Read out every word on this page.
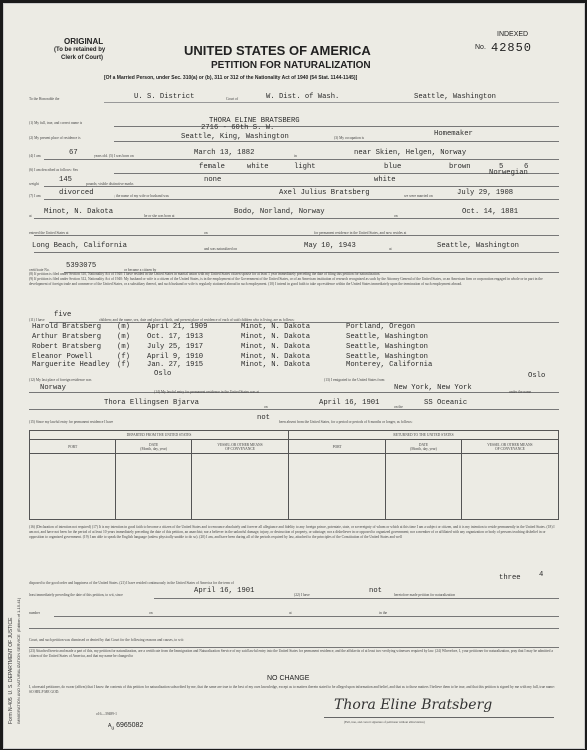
ORIGINAL
(To be retained by
Clerk of Court)	UNITED STATES OF AMERICA
PETITION FOR NATURALIZATION
[Of a Married Person, under Sec. 310(a) or (b), 311 or 312 of the Nationality Act of 1940 (54 Stat. 1144-1145)]
INDEXED
No. 42850
To the Honorable the	U. S. District	Court of	W. Dist. of Wash.	Seattle, Washington
(1) My full, true, and correct name is	THORA ELINE BRATSBERG
(2) My present place of residence is
2716 - 60th S. W.
Seattle, King, Washington	(3) My occupation is	Homemaker
(4) I am	67	years old. (5) I was born on	March 13, 1882	in	near Skien, Helgen, Norway
(6) I am described as follows: Sex	female	white	light	blue	brown	5	6
weight	145	pounds; visible distinctive marks	none	white
Norwegian
(7) I am	divorced	; the name of my wife or husband was	Axel Julius Bratsberg	we were married on	July 29, 1908
at Minot, N. Dakota	he or she was born at	Bodo, Norland, Norway	on	Oct. 14, 1881
entered the United States at	on	for permanent residence in the United States, and now resides at
Long Beach, California	and was naturalized on	May 10, 1943	at	Seattle, Washington
certificate No. 5393075	or became a citizen by
(8) If petition is filed under Section 310, Nationality Act of 1940: I have resided in the United States in marital union with my United States citizen spouse for at least 1 year immediately preceding the date of filing this petition for naturalization.
(9) If petition is filed under Section 312, Nationality Act of 1940: My husband or wife is a citizen of the United States, is in the employment of the Government of the United States, or of an American institution of research recognized as such by the Attorney General of the United States, or an American firm or corporation engaged in whole or in part in the development of foreign trade and commerce of the United States, or a subsidiary thereof, and such husband or wife is regularly stationed abroad in such employment. (10) I intend in good faith to take up residence within the United States immediately upon the termination of such employment abroad.
(11) I have
five
children; and the name, sex, date and place of birth, and present place of residence of each of said children who is living, are as follows:
Harold Bratsberg (m) April 21, 1909	Minot, N. Dakota	Portland, Oregon
Arthur Bratsberg (m) Oct. 17, 1913	Minot, N. Dakota	Seattle, Washington
Robert Bratsberg (m) July 25, 1917	Minot, N. Dakota	Seattle, Washington
Eleanor Powell	(f) April 9, 1910	Minot, N. Dakota	Seattle, Washington
Marguerite Headley (f) Jan. 27, 1915	Minot, N. Dakota	Monterey, California
(12) My last place of foreign residence was
Oslo
(13) I emigrated to the United States from	Oslo
Norway	(14) My lawful entry for permanent residence in the United States was at	New York, New York	under the name
Thora Ellingsen Bjarva	on	April 16, 1901	on the	SS Oceanic
(15) Since my lawful entry for permanent residence I have	not	been absent from the United States, for a period or periods of 6 months or longer, as follows:
DEPARTED FROM THE UNITED STATES			RETURNED TO THE UNITED STATES		
PORT	DATE
(Month, day, year)	VESSEL OR OTHER MEANS
OF CONVEYANCE	PORT	DATE
(Month, day, year)	VESSEL OR OTHER MEANS
OF CONVEYANCE

(16) (Declaration of intention not required) (17) It is my intention in good faith to become a citizen of the United States and to renounce absolutely and forever all allegiance and fidelity to any foreign prince, potentate, state, or sovereignty of whom or which at this time I am a subject or citizen, and it is my intention to reside permanently in the United States. (18) I am not, and have not been for the period of at least 10 years immediately preceding the date of this petition, an anarchist; nor a believer in the unlawful damage, injury, or destruction of property, or sabotage; nor a disbeliever in or opposed to organized government; nor a member of or affiliated with any organization or body of persons teaching disbelief in or opposition to organized government. (19) I am able to speak the English language (unless physically unable to do so). (20) I am, and have been during all of the periods required by law, attached to the principles of the Constitution of the United States and well
disposed to the good order and happiness of the United States. (21) I have resided continuously in the United States of America for the term of
three	4
least immediately preceding the date of this petition, to wit, since	April 16, 1901	(22) I have	not	heretofore made petition for naturalization
number	on	at	in the
Court, and such petition was dismissed or denied by that Court for the following reasons and causes, to wit:
(23) Attached hereto and made a part of this, my petition for naturalization, are a certificate from the Immigration and Naturalization Service of my said lawful entry into the United States for permanent residence, and the affidavits of at least two verifying witnesses required by law. (24) Wherefore, I, your petitioner for naturalization, pray that I may be admitted a citizen of the United States of America, and that my name be changed to
NO CHANGE
I, aforesaid petitioner, do swear (affirm) that I know the contents of this petition for naturalization subscribed by me, that the same are true to the best of my own knowledge, except as to matters therein stated to be alleged upon information and belief, and that as to those matters I believe them to be true, and that this petition is signed by me with my full, true name: SO HELP ME GOD.
Thora Eline Bratsberg
(Full, true, and correct signature of petitioner without abbreviation)
o16—39489-1
$A_u$ 6965082
Form N-405  U. S. DEPARTMENT OF JUSTICE IMMIGRATION AND NATURALIZATION SERVICE  (Edition of 1-15-41)
